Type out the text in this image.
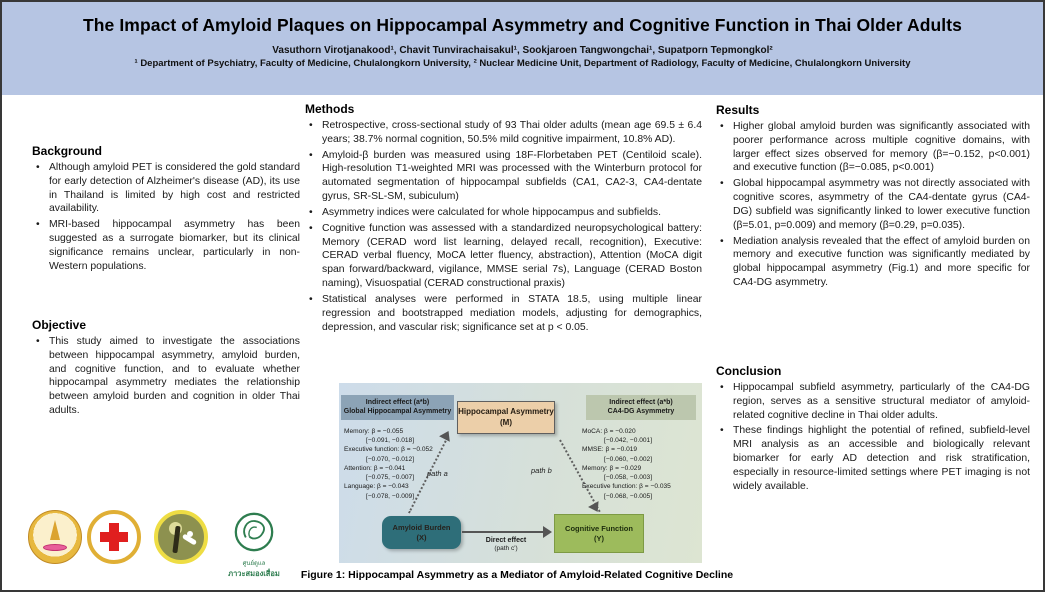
The Impact of Amyloid Plaques on Hippocampal Asymmetry and Cognitive Function in Thai Older Adults
Vasuthorn Virotjanakood¹, Chavit Tunvirachaisakul¹, Sookjaroen Tangwongchai¹, Supatporn Tepmongkol²
¹ Department of Psychiatry, Faculty of Medicine, Chulalongkorn University, ² Nuclear Medicine Unit, Department of Radiology, Faculty of Medicine, Chulalongkorn University
Background
• Although amyloid PET is considered the gold standard for early detection of Alzheimer's disease (AD), its use in Thailand is limited by high cost and restricted availability.
• MRI-based hippocampal asymmetry has been suggested as a surrogate biomarker, but its clinical significance remains unclear, particularly in non-Western populations.
Objective
• This study aimed to investigate the associations between hippocampal asymmetry, amyloid burden, and cognitive function, and to evaluate whether hippocampal asymmetry mediates the relationship between amyloid burden and cognition in older Thai adults.
Methods
• Retrospective, cross-sectional study of 93 Thai older adults (mean age 69.5 ± 6.4 years; 38.7% normal cognition, 50.5% mild cognitive impairment, 10.8% AD).
• Amyloid-β burden was measured using 18F-Florbetaben PET (Centiloid scale). High-resolution T1-weighted MRI was processed with the Winterburn protocol for automated segmentation of hippocampal subfields (CA1, CA2-3, CA4-dentate gyrus, SR-SL-SM, subiculum)
• Asymmetry indices were calculated for whole hippocampus and subfields.
• Cognitive function was assessed with a standardized neuropsychological battery: Memory (CERAD word list learning, delayed recall, recognition), Executive: CERAD verbal fluency, MoCA letter fluency, abstraction), Attention (MoCA digit span forward/backward, vigilance, MMSE serial 7s), Language (CERAD Boston naming), Visuospatial (CERAD constructional praxis)
• Statistical analyses were performed in STATA 18.5, using multiple linear regression and bootstrapped mediation models, adjusting for demographics, depression, and vascular risk; significance set at p < 0.05.
Results
• Higher global amyloid burden was significantly associated with poorer performance across multiple cognitive domains, with larger effect sizes observed for memory (β=−0.152, p<0.001) and executive function (β=−0.085, p<0.001)
• Global hippocampal asymmetry was not directly associated with cognitive scores, asymmetry of the CA4-dentate gyrus (CA4-DG) subfield was significantly linked to lower executive function (β=5.01, p=0.009) and memory (β=0.29, p=0.035).
• Mediation analysis revealed that the effect of amyloid burden on memory and executive function was significantly mediated by global hippocampal asymmetry (Fig.1) and more specific for CA4-DG asymmetry.
Conclusion
• Hippocampal subfield asymmetry, particularly of the CA4-DG region, serves as a sensitive structural mediator of amyloid-related cognitive decline in Thai older adults.
• These findings highlight the potential of refined, subfield-level MRI analysis as an accessible and biologically relevant biomarker for early AD detection and risk stratification, especially in resource-limited settings where PET imaging is not widely available.
Indirect effect (a*b)
Global Hippocampal Asymmetry
Memory: β = −0.055
[−0.091, −0.018]
Executive function: β = −0.052
[−0.070, −0.012]
Attention: β = −0.041
[−0.075, −0.007]
Language: β = −0.043
[−0.078, −0.009]
Indirect effect (a*b)
CA4-DG Asymmetry
MoCA: β = −0.020
[−0.042, −0.001]
MMSE: β = −0.019
[−0.060, −0.002]
Memory: β = −0.029
[−0.058, −0.003]
Executive function: β = −0.035
[−0.068, −0.005]
Hippocampal Asymmetry
(M)
Amyloid Burden
(X)
Cognitive Function
(Y)
path a	path b
Direct effect
(path c')
Figure 1: Hippocampal Asymmetry as a Mediator of Amyloid-Related Cognitive Decline
ศูนย์ดูแล
ภาวะสมองเสื่อม
